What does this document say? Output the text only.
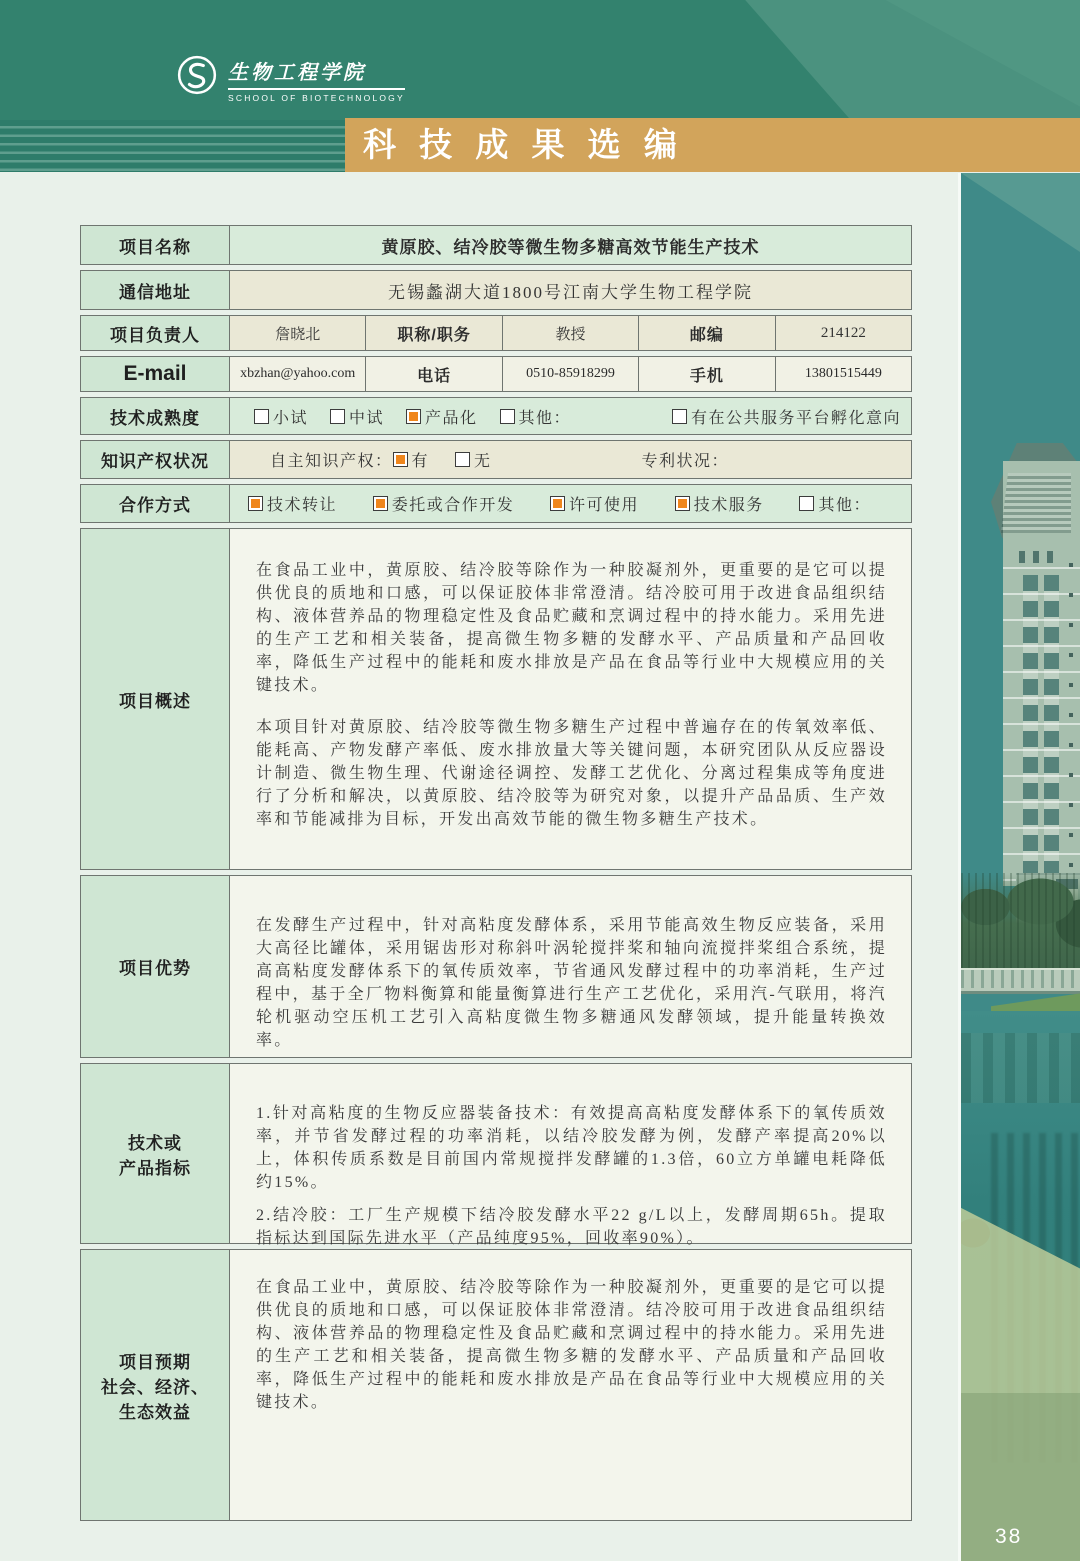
生物工程学院
SCHOOL OF BIOTECHNOLOGY
科 技 成 果 选 编
项目名称	黄原胶、结冷胶等微生物多糖高效节能生产技术
通信地址	无锡蠡湖大道1800号江南大学生物工程学院
项目负责人	詹晓北	职称/职务	教授	邮编	214122
E-mail	xbzhan@yahoo.com	电话	0510-85918299	手机	13801515449
技术成熟度	小试	中试	产品化	其他：	有在公共服务平台孵化意向
知识产权状况	自主知识产权： 有	无	专利状况：
合作方式	技术转让	委托或合作开发	许可使用	技术服务	其他：
项目概述

在食品工业中，黄原胶、结冷胶等除作为一种胶凝剂外，更重要的是它可以提供优良的质地和口感，可以保证胶体非常澄清。结冷胶可用于改进食品组织结构、液体营养品的物理稳定性及食品贮藏和烹调过程中的持水能力。采用先进的生产工艺和相关装备，提高微生物多糖的发酵水平、产品质量和产品回收率，降低生产过程中的能耗和废水排放是产品在食品等行业中大规模应用的关键技术。

本项目针对黄原胶、结冷胶等微生物多糖生产过程中普遍存在的传氧效率低、能耗高、产物发酵产率低、废水排放量大等关键问题，本研究团队从反应器设计制造、微生物生理、代谢途径调控、发酵工艺优化、分离过程集成等角度进行了分析和解决，以黄原胶、结冷胶等为研究对象，以提升产品品质、生产效率和节能减排为目标，开发出高效节能的微生物多糖生产技术。

项目优势

在发酵生产过程中，针对高粘度发酵体系，采用节能高效生物反应装备，采用大高径比罐体，采用锯齿形对称斜叶涡轮搅拌桨和轴向流搅拌桨组合系统，提高高粘度发酵体系下的氧传质效率，节省通风发酵过程中的功率消耗，生产过程中，基于全厂物料衡算和能量衡算进行生产工艺优化，采用汽-气联用，将汽轮机驱动空压机工艺引入高粘度微生物多糖通风发酵领域，提升能量转换效率。

技术或
产品指标

1.针对高粘度的生物反应器装备技术：有效提高高粘度发酵体系下的氧传质效率，并节省发酵过程的功率消耗，以结冷胶发酵为例，发酵产率提高20%以上，体积传质系数是目前国内常规搅拌发酵罐的1.3倍，60立方单罐电耗降低约15%。

2.结冷胶：工厂生产规模下结冷胶发酵水平22 g/L以上，发酵周期65h。提取指标达到国际先进水平（产品纯度95%，回收率90%）。

项目预期
社会、经济、
生态效益

在食品工业中，黄原胶、结冷胶等除作为一种胶凝剂外，更重要的是它可以提供优良的质地和口感，可以保证胶体非常澄清。结冷胶可用于改进食品组织结构、液体营养品的物理稳定性及食品贮藏和烹调过程中的持水能力。采用先进的生产工艺和相关装备，提高微生物多糖的发酵水平、产品质量和产品回收率，降低生产过程中的能耗和废水排放是产品在食品等行业中大规模应用的关键技术。

38
